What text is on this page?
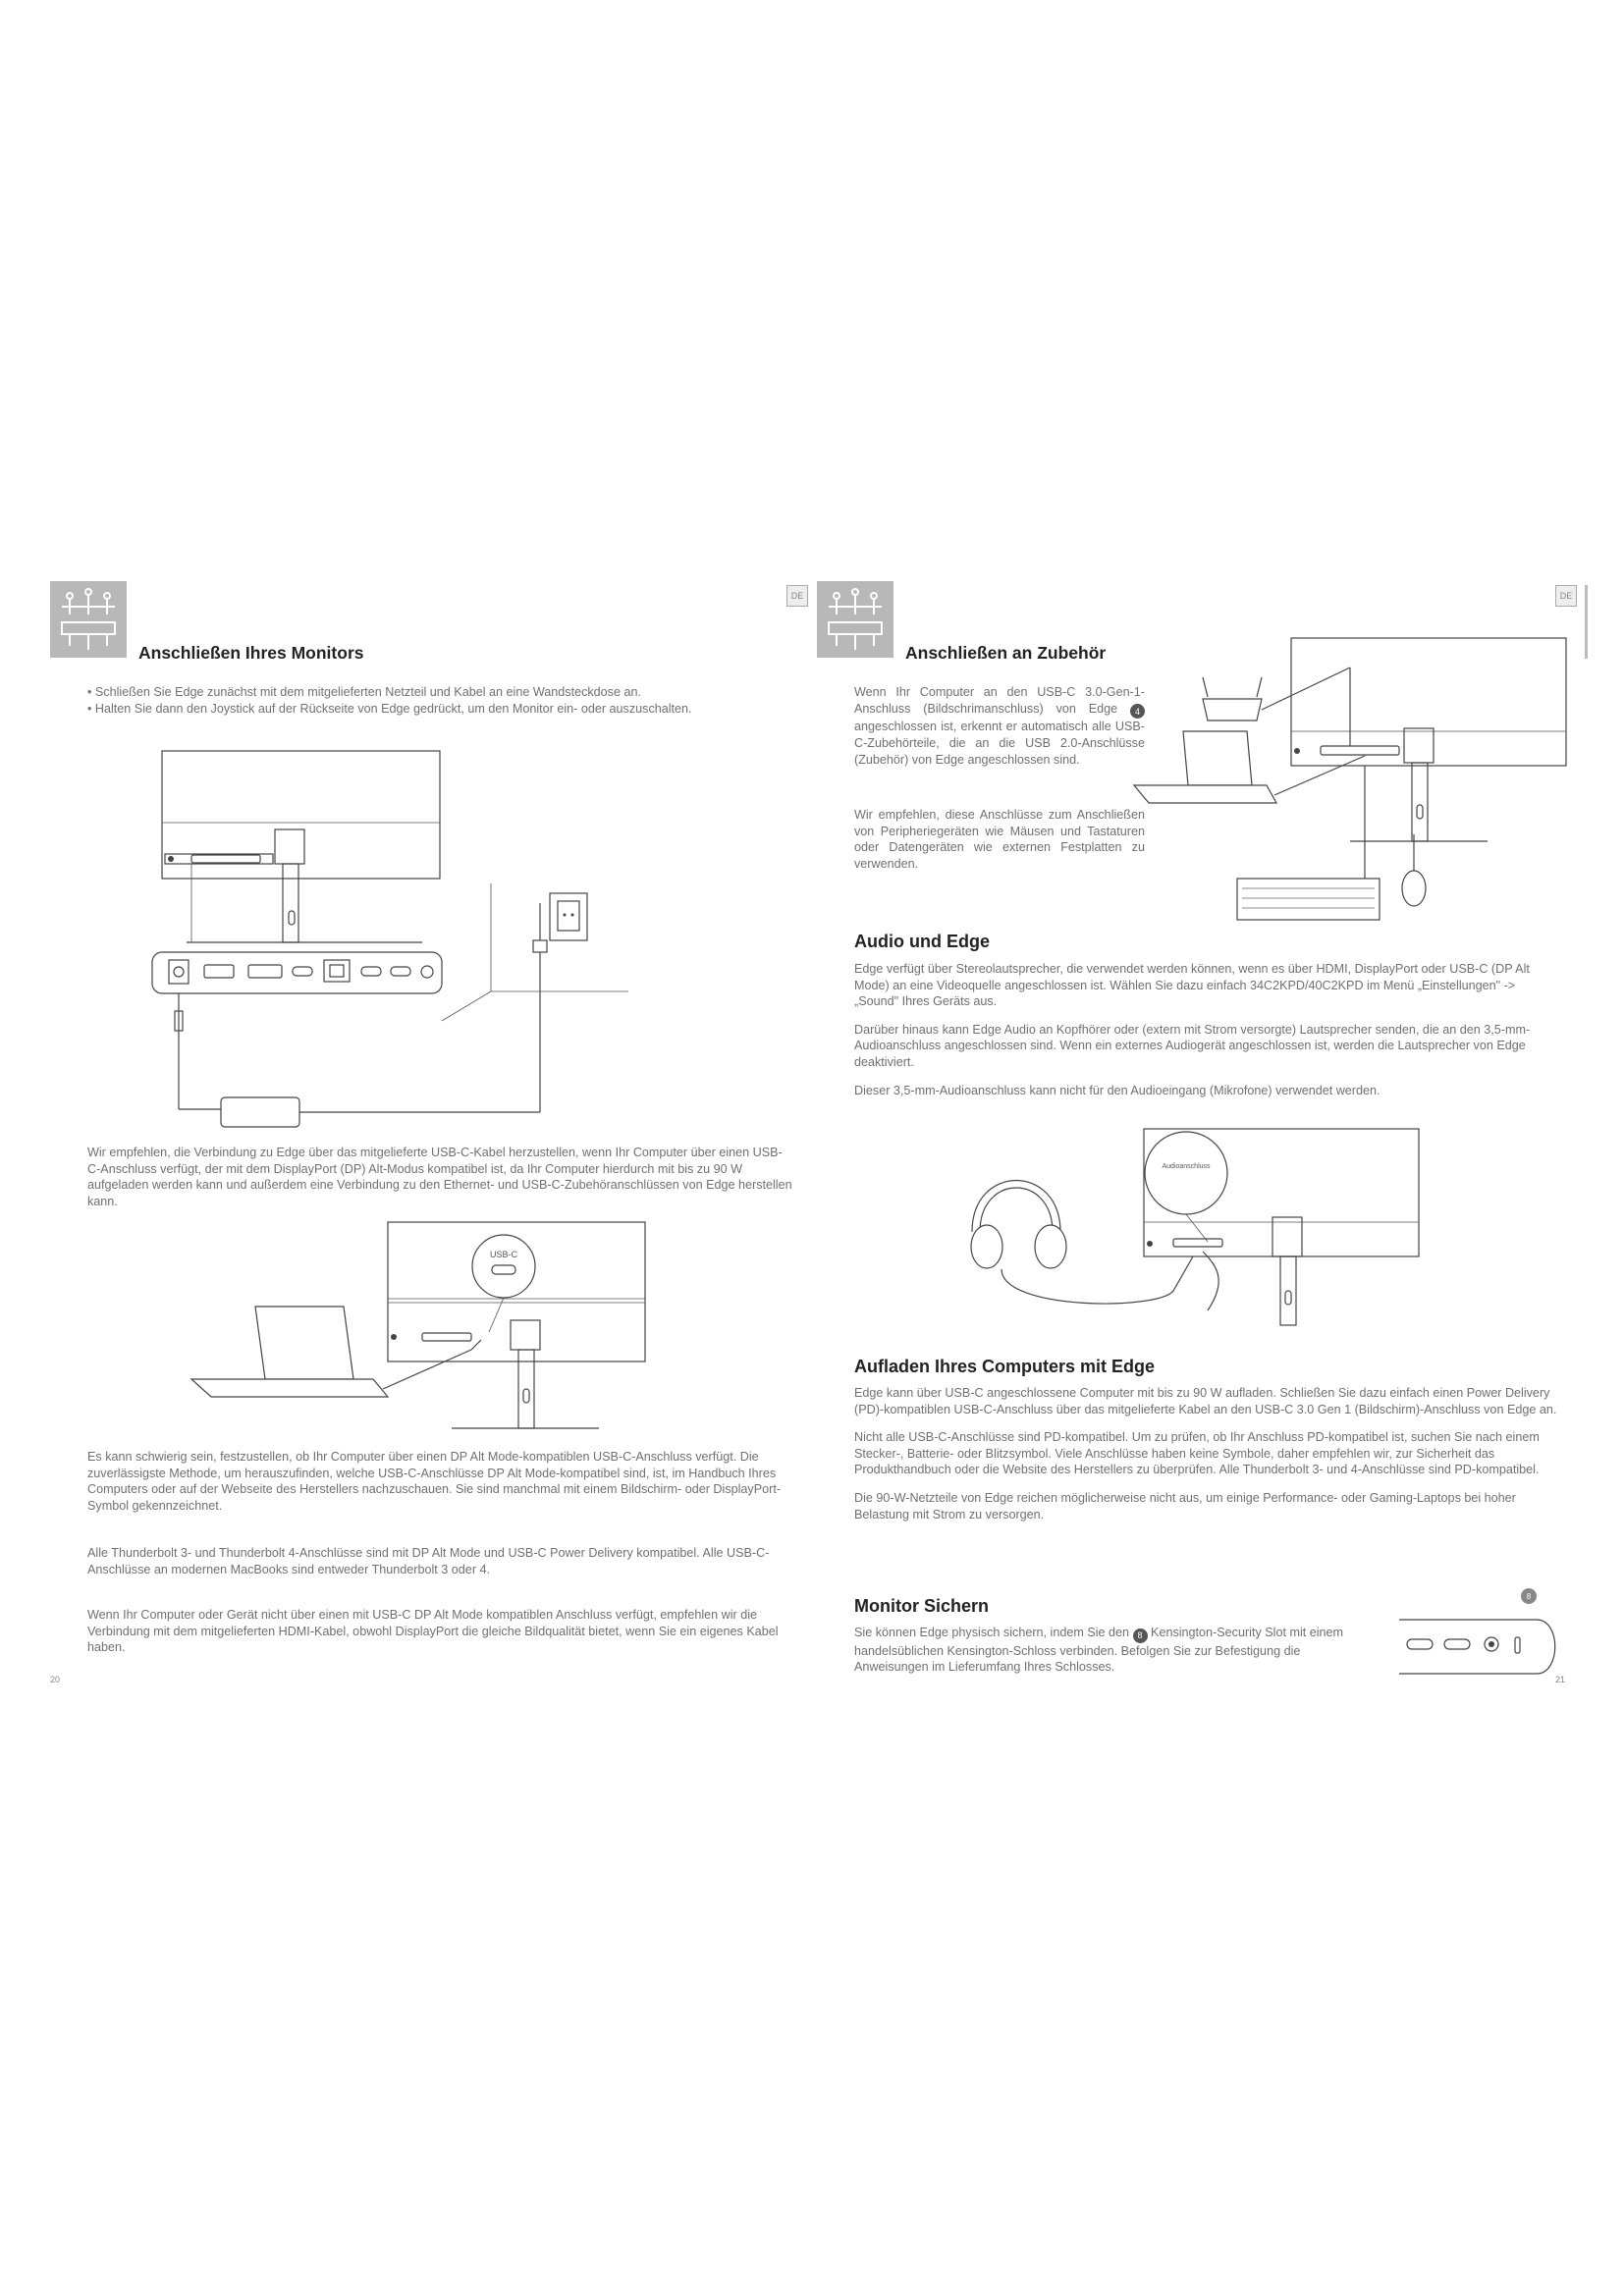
Anschließen Ihres Monitors
DE

• Schließen Sie Edge zunächst mit dem mitgelieferten Netzteil und Kabel an eine Wandsteckdose an.

• Halten Sie dann den Joystick auf der Rückseite von Edge gedrückt, um den Monitor ein- oder auszuschalten.

Wir empfehlen, die Verbindung zu Edge über das mitgelieferte USB-C-Kabel herzustellen, wenn Ihr Computer über einen USB-C-Anschluss verfügt, der mit dem DisplayPort (DP) Alt-Modus kompatibel ist, da Ihr Computer hierdurch mit bis zu 90 W aufgeladen werden kann und außerdem eine Verbindung zu den Ethernet- und USB-C-Zubehöranschlüssen von Edge herstellen kann.

USB-C

Es kann schwierig sein, festzustellen, ob Ihr Computer über einen DP Alt Mode-kompatiblen USB-C-Anschluss verfügt. Die zuverlässigste Methode, um herauszufinden, welche USB-C-Anschlüsse DP Alt Mode-kompatibel sind, ist, im Handbuch Ihres Computers oder auf der Webseite des Herstellers nachzuschauen. Sie sind manchmal mit einem Bildschirm- oder DisplayPort-Symbol gekennzeichnet.

Alle Thunderbolt 3- und Thunderbolt 4-Anschlüsse sind mit DP Alt Mode und USB-C Power Delivery kompatibel. Alle USB-C-Anschlüsse an modernen MacBooks sind entweder Thunderbolt 3 oder 4.

Wenn Ihr Computer oder Gerät nicht über einen mit USB-C DP Alt Mode kompatiblen Anschluss verfügt, empfehlen wir die Verbindung mit dem mitgelieferten HDMI-Kabel, obwohl DisplayPort die gleiche Bildqualität bietet, wenn Sie ein eigenes Kabel haben.

20
Anschließen an Zubehör
DE

Wenn Ihr Computer an den USB-C 3.0-Gen-1-Anschluss (Bildschrimanschluss) von Edge 4 angeschlossen ist, erkennt er automatisch alle USB-C-Zubehörteile, die an die USB 2.0-Anschlüsse (Zubehör) von Edge angeschlossen sind.

Wir empfehlen, diese Anschlüsse zum Anschließen von Peripheriegeräten wie Mäusen und Tastaturen oder Datengeräten wie externen Festplatten zu verwenden.

Audio und Edge

Edge verfügt über Stereolautsprecher, die verwendet werden können, wenn es über HDMI, DisplayPort oder USB-C (DP Alt Mode) an eine Videoquelle angeschlossen ist. Wählen Sie dazu einfach 34C2KPD/40C2KPD im Menü „Einstellungen" -> „Sound" Ihres Geräts aus.

Darüber hinaus kann Edge Audio an Kopfhörer oder (extern mit Strom versorgte) Lautsprecher senden, die an den 3,5-mm-Audioanschluss angeschlossen sind. Wenn ein externes Audiogerät angeschlossen ist, werden die Lautsprecher von Edge deaktiviert.

Dieser 3,5-mm-Audioanschluss kann nicht für den Audioeingang (Mikrofone) verwendet werden.

Audioanschluss
Aufladen Ihres Computers mit Edge

Edge kann über USB-C angeschlossene Computer mit bis zu 90 W aufladen. Schließen Sie dazu einfach einen Power Delivery (PD)-kompatiblen USB-C-Anschluss über das mitgelieferte Kabel an den USB-C 3.0 Gen 1 (Bildschirm)-Anschluss von Edge an.

Nicht alle USB-C-Anschlüsse sind PD-kompatibel. Um zu prüfen, ob Ihr Anschluss PD-kompatibel ist, suchen Sie nach einem Stecker-, Batterie- oder Blitzsymbol. Viele Anschlüsse haben keine Symbole, daher empfehlen wir, zur Sicherheit das Produkthandbuch oder die Website des Herstellers zu überprüfen. Alle Thunderbolt 3- und 4-Anschlüsse sind PD-kompatibel.

Die 90-W-Netzteile von Edge reichen möglicherweise nicht aus, um einige Performance- oder Gaming-Laptops bei hoher Belastung mit Strom zu versorgen.

Monitor Sichern

Sie können Edge physisch sichern, indem Sie den 8 Kensington-Security Slot mit einem handelsüblichen Kensington-Schloss verbinden. Befolgen Sie zur Befestigung die Anweisungen im Lieferumfang Ihres Schlosses.

8
21
